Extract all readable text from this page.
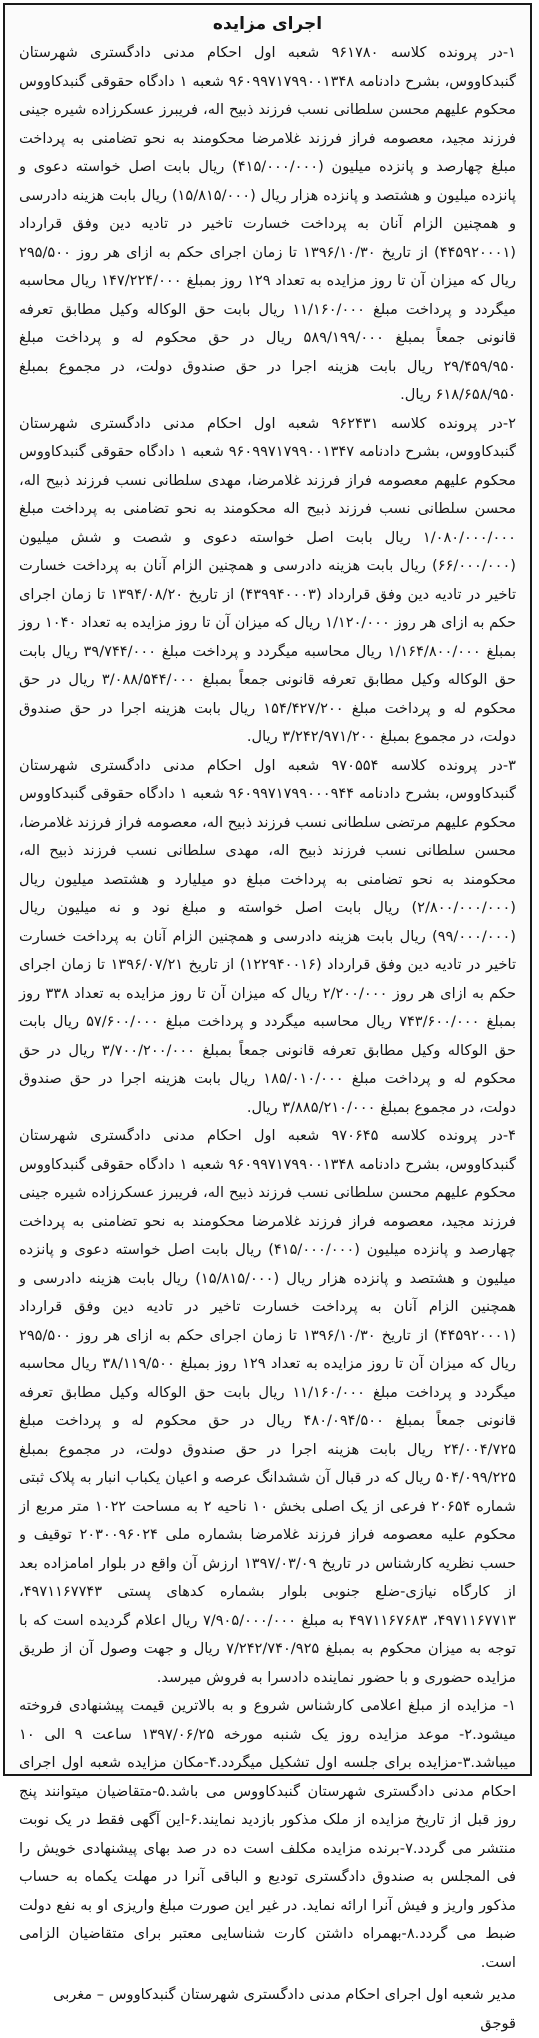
اجرای مزایده

۱-در پرونده کلاسه ۹۶۱۷۸۰ شعبه اول احکام مدنی دادگستری شهرستان گنبدکاووس، بشرح دادنامه ۹۶۰۹۹۷۱۷۹۹۰۰۱۳۴۸ شعبه ۱ دادگاه حقوقی گنبدکاووس محکوم علیهم محسن سلطانی نسب فرزند ذبیح اله، فریبرز عسکرزاده شیره جینی فرزند مجید، معصومه فراز فرزند غلامرضا محکومند به نحو تضامنی به پرداخت مبلغ چهارصد و پانزده میلیون (۴۱۵/۰۰۰/۰۰۰) ریال بابت اصل خواسته دعوی و پانزده میلیون و هشتصد و پانزده هزار ریال (۱۵/۸۱۵/۰۰۰) ریال بابت هزینه دادرسی و همچنین الزام آنان به پرداخت خسارت تاخیر در تادیه دین وفق قرارداد (۴۴۵۹۲۰۰۰۱) از تاریخ ۱۳۹۶/۱۰/۳۰ تا زمان اجرای حکم به ازای هر روز ۲۹۵/۵۰۰ ریال که میزان آن تا روز مزایده به تعداد ۱۲۹ روز بمبلغ ۱۴۷/۲۲۴/۰۰۰ ریال محاسبه میگردد و پرداخت مبلغ ۱۱/۱۶۰/۰۰۰ ریال بابت حق الوکاله وکیل مطابق تعرفه قانونی جمعاً بمبلغ ۵۸۹/۱۹۹/۰۰۰ ریال در حق محکوم له و پرداخت مبلغ ۲۹/۴۵۹/۹۵۰ ریال بابت هزینه اجرا در حق صندوق دولت، در مجموع بمبلغ ۶۱۸/۶۵۸/۹۵۰ ریال.

۲-در پرونده کلاسه ۹۶۲۴۳۱ شعبه اول احکام مدنی دادگستری شهرستان گنبدکاووس، بشرح دادنامه ۹۶۰۹۹۷۱۷۹۹۰۰۱۳۴۷ شعبه ۱ دادگاه حقوقی گنبدکاووس محکوم علیهم معصومه فراز فرزند غلامرضا، مهدی سلطانی نسب فرزند ذبیح اله، محسن سلطانی نسب فرزند ذبیح اله محکومند به نحو تضامنی به پرداخت مبلغ ۱/۰۸۰/۰۰۰/۰۰۰ ریال بابت اصل خواسته دعوی و شصت و شش میلیون (۶۶/۰۰۰/۰۰۰) ریال بابت هزینه دادرسی و همچنین الزام آنان به پرداخت خسارت تاخیر در تادیه دین وفق قرارداد (۴۳۹۹۴۰۰۰۳) از تاریخ ۱۳۹۴/۰۸/۲۰ تا زمان اجرای حکم به ازای هر روز ۱/۱۲۰/۰۰۰ ریال که میزان آن تا روز مزایده به تعداد ۱۰۴۰ روز بمبلغ ۱/۱۶۴/۸۰۰/۰۰۰ ریال محاسبه میگردد و پرداخت مبلغ ۳۹/۷۴۴/۰۰۰ ریال بابت حق الوکاله وکیل مطابق تعرفه قانونی جمعاً بمبلغ ۳/۰۸۸/۵۴۴/۰۰۰ ریال در حق محکوم له و پرداخت مبلغ ۱۵۴/۴۲۷/۲۰۰ ریال بابت هزینه اجرا در حق صندوق دولت، در مجموع بمبلغ ۳/۲۴۲/۹۷۱/۲۰۰ ریال.

۳-در پرونده کلاسه ۹۷۰۵۵۴ شعبه اول احکام مدنی دادگستری شهرستان گنبدکاووس، بشرح دادنامه ۹۶۰۹۹۷۱۷۹۹۰۰۰۹۴۴ شعبه ۱ دادگاه حقوقی گنبدکاووس محکوم علیهم مرتضی سلطانی نسب فرزند ذبیح اله، معصومه فراز فرزند غلامرضا، محسن سلطانی نسب فرزند ذبیح اله، مهدی سلطانی نسب فرزند ذبیح اله، محکومند به نحو تضامنی به پرداخت مبلغ دو میلیارد و هشتصد میلیون ریال (۲/۸۰۰/۰۰۰/۰۰۰) ریال بابت اصل خواسته و مبلغ نود و نه میلیون ریال (۹۹/۰۰۰/۰۰۰) ریال بابت هزینه دادرسی و همچنین الزام آنان به پرداخت خسارت تاخیر در تادیه دین وفق قرارداد (۱۲۲۹۴۰۰۱۶) از تاریخ ۱۳۹۶/۰۷/۲۱ تا زمان اجرای حکم به ازای هر روز ۲/۲۰۰/۰۰۰ ریال که میزان آن تا روز مزایده به تعداد ۳۳۸ روز بمبلغ ۷۴۳/۶۰۰/۰۰۰ ریال محاسبه میگردد و پرداخت مبلغ ۵۷/۶۰۰/۰۰۰ ریال بابت حق الوکاله وکیل مطابق تعرفه قانونی جمعاً بمبلغ ۳/۷۰۰/۲۰۰/۰۰۰ ریال در حق محکوم له و پرداخت مبلغ ۱۸۵/۰۱۰/۰۰۰ ریال بابت هزینه اجرا در حق صندوق دولت، در مجموع بمبلغ ۳/۸۸۵/۲۱۰/۰۰۰ ریال.

۴-در پرونده کلاسه ۹۷۰۶۴۵ شعبه اول احکام مدنی دادگستری شهرستان گنبدکاووس، بشرح دادنامه ۹۶۰۹۹۷۱۷۹۹۰۰۱۳۴۸ شعبه ۱ دادگاه حقوقی گنبدکاووس محکوم علیهم محسن سلطانی نسب فرزند ذبیح اله، فریبرز عسکرزاده شیره جینی فرزند مجید، معصومه فراز فرزند غلامرضا محکومند به نحو تضامنی به پرداخت چهارصد و پانزده میلیون (۴۱۵/۰۰۰/۰۰۰) ریال بابت اصل خواسته دعوی و پانزده میلیون و هشتصد و پانزده هزار ریال (۱۵/۸۱۵/۰۰۰) ریال بابت هزینه دادرسی و همچنین الزام آنان به پرداخت خسارت تاخیر در تادیه دین وفق قرارداد (۴۴۵۹۲۰۰۰۱) از تاریخ ۱۳۹۶/۱۰/۳۰ تا زمان اجرای حکم به ازای هر روز ۲۹۵/۵۰۰ ریال که میزان آن تا روز مزایده به تعداد ۱۲۹ روز بمبلغ ۳۸/۱۱۹/۵۰۰ ریال محاسبه میگردد و پرداخت مبلغ ۱۱/۱۶۰/۰۰۰ ریال بابت حق الوکاله وکیل مطابق تعرفه قانونی جمعاً بمبلغ ۴۸۰/۰۹۴/۵۰۰ ریال در حق محکوم له و پرداخت مبلغ ۲۴/۰۰۴/۷۲۵ ریال بابت هزینه اجرا در حق صندوق دولت، در مجموع بمبلغ ۵۰۴/۰۹۹/۲۲۵ ریال که در قبال آن ششدانگ عرصه و اعیان یکباب انبار به پلاک ثبتی شماره ۲۰۶۵۴ فرعی از یک اصلی بخش ۱۰ ناحیه ۲ به مساحت ۱۰۲۲ متر مربع از محکوم علیه معصومه فراز فرزند غلامرضا بشماره ملی ۲۰۳۰۰۹۶۰۲۴ توقیف و حسب نظریه کارشناس در تاریخ ۱۳۹۷/۰۳/۰۹ ارزش آن واقع در بلوار امامزاده بعد از کارگاه نیازی-ضلع جنوبی بلوار بشماره کدهای پستی ۴۹۷۱۱۶۷۷۴۳، ۴۹۷۱۱۶۷۷۱۳، ۴۹۷۱۱۶۷۶۸۳ به مبلغ ۷/۹۰۵/۰۰۰/۰۰۰ ریال اعلام گردیده است که با توجه به میزان محکوم به بمبلغ ۷/۲۴۲/۷۴۰/۹۲۵ ریال و جهت وصول آن از طریق مزایده حضوری و با حضور نماینده دادسرا به فروش میرسد.

۱- مزایده از مبلغ اعلامی کارشناس شروع و به بالاترین قیمت پیشنهادی فروخته میشود.۲- موعد مزایده روز یک شنبه مورخه ۱۳۹۷/۰۶/۲۵ ساعت ۹ الی ۱۰ میباشد.۳-مزایده برای جلسه اول تشکیل میگردد.۴-مکان مزایده شعبه اول اجرای احکام مدنی دادگستری شهرستان گنبدکاووس می باشد.۵-متقاضیان میتوانند پنج روز قبل از تاریخ مزایده از ملک مذکور بازدید نمایند.۶-این آگهی فقط در یک نوبت منتشر می گردد.۷-برنده مزایده مکلف است ده در صد بهای پیشنهادی خویش را فی المجلس به صندوق دادگستری تودیع و الباقی آنرا در مهلت یکماه به حساب مذکور واریز و فیش آنرا ارائه نماید. در غیر این صورت مبلغ واریزی او به نفع دولت ضبط می گردد.۸-بهمراه داشتن کارت شناسایی معتبر برای متقاضیان الزامی است.

مدیر شعبه اول اجرای احکام مدنی دادگستری شهرستان گنبدکاووس – مغربی قوجق
